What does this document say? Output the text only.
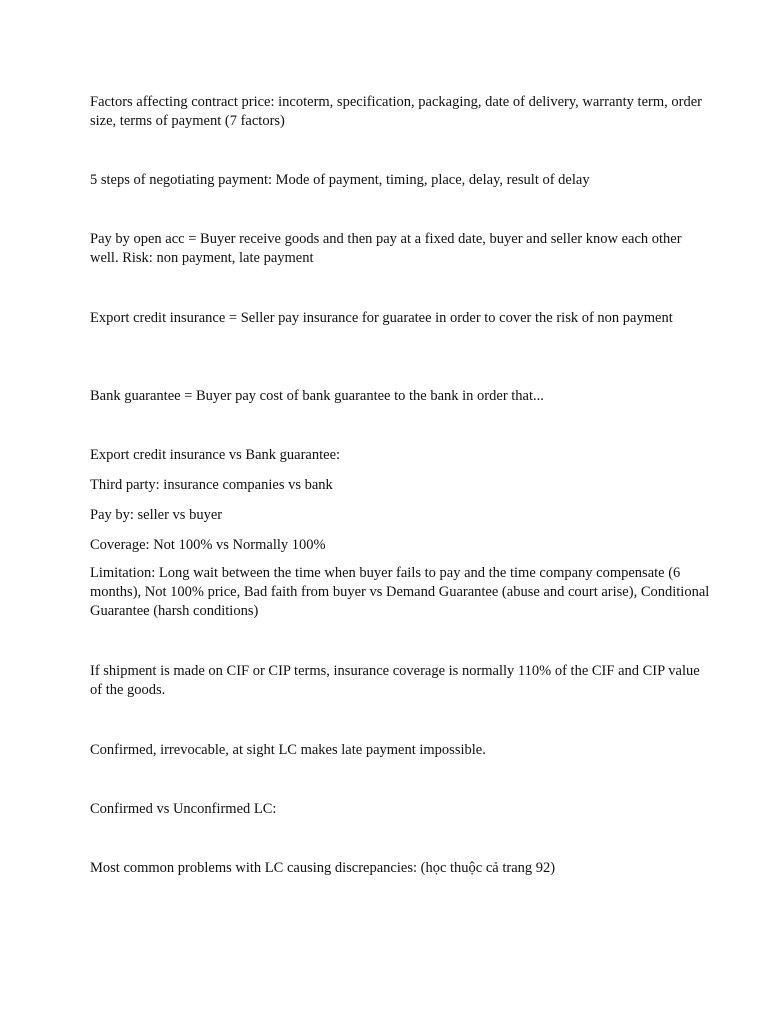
Factors affecting contract price: incoterm, specification, packaging, date of delivery, warranty term, order size, terms of payment (7 factors)

5 steps of negotiating payment: Mode of payment, timing, place, delay, result of delay

Pay by open acc = Buyer receive goods and then pay at a fixed date, buyer and seller know each other well. Risk: non payment, late payment

Export credit insurance = Seller pay insurance for guaratee in order to cover the risk of non payment

Bank guarantee = Buyer pay cost of bank guarantee to the bank in order that...

Export credit insurance vs Bank guarantee:

Third party: insurance companies vs bank

Pay by: seller vs buyer

Coverage: Not 100% vs Normally 100%

Limitation: Long wait between the time when buyer fails to pay and the time company compensate (6 months), Not 100% price, Bad faith from buyer vs Demand Guarantee (abuse and court arise), Conditional Guarantee (harsh conditions)

If shipment is made on CIF or CIP terms, insurance coverage is normally 110% of the CIF and CIP value of the goods.

Confirmed, irrevocable, at sight LC makes late payment impossible.

Confirmed vs Unconfirmed LC:

Most common problems with LC causing discrepancies: (học thuộc cả trang 92)
